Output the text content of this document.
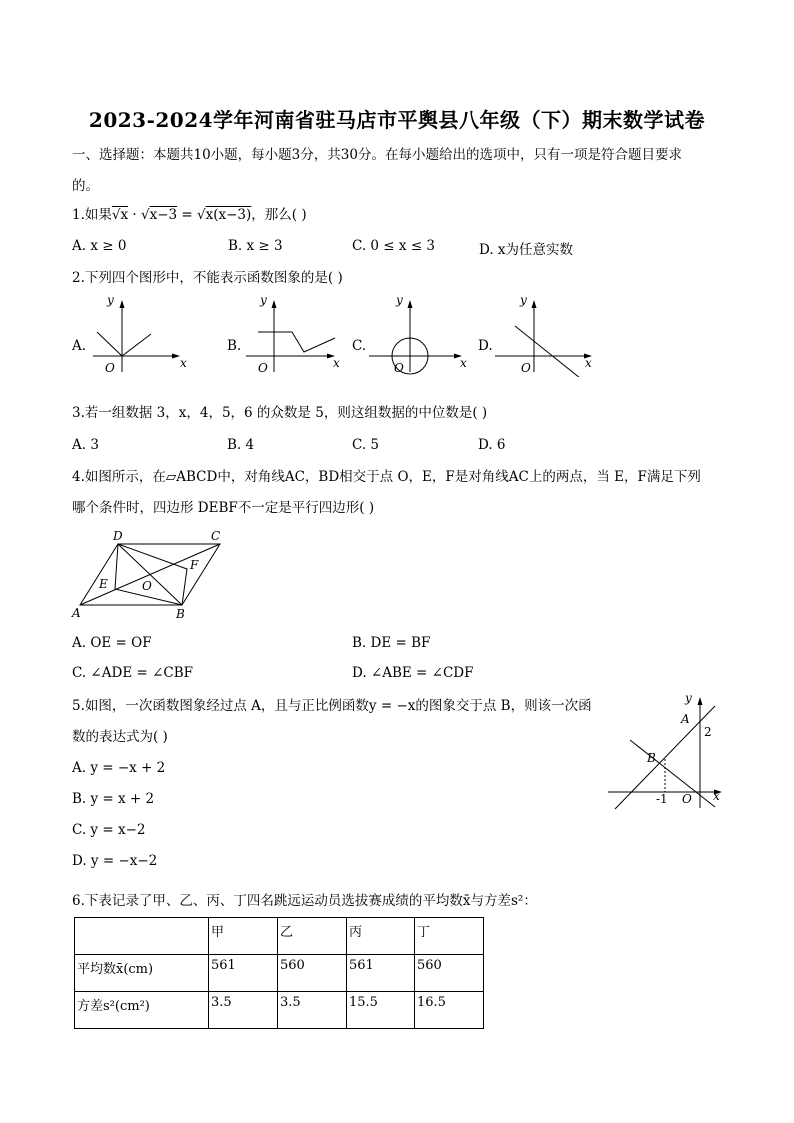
2023-2024学年河南省驻马店市平舆县八年级（下）期末数学试卷
一、选择题：本题共10小题，每小题3分，共30分。在每小题给出的选项中，只有一项是符合题目要求
的。
1.如果√x · √x−3 = √x(x−3)，那么( )
A. x ≥ 0	B. x ≥ 3	C. 0 ≤ x ≤ 3	D. x为任意实数
2.下列四个图形中，不能表示函数图象的是( )
A.
y
x
O
B.
y
x
O
C.
y
x
O
D.
y
x
O
3.若一组数据 3，x，4，5，6 的众数是 5，则这组数据的中位数是( )
A. 3	B. 4	C. 5	D. 6
4.如图所示，在▱ABCD中，对角线AC，BD相交于点 O，E，F是对角线AC上的两点，当 E，F满足下列
哪个条件时，四边形 DEBF不一定是平行四边形( )
D	C
E
F
O
A	B
A. OE = OF	B. DE = BF
C. ∠ADE = ∠CBF	D. ∠ABE = ∠CDF
5.如图，一次函数图象经过点 A，且与正比例函数y = −x的图象交于点 B，则该一次函
数的表达式为( )
A. y = −x + 2
B. y = x + 2
C. y = x−2
D. y = −x−2
y
x
A
2
B
-1 O
6.下表记录了甲、乙、丙、丁四名跳远运动员选拔赛成绩的平均数x̄与方差s²：
	甲	乙	丙	丁
平均数x̄(cm)	561	560	561	560
方差s²(cm²)	3.5	3.5	15.5	16.5
